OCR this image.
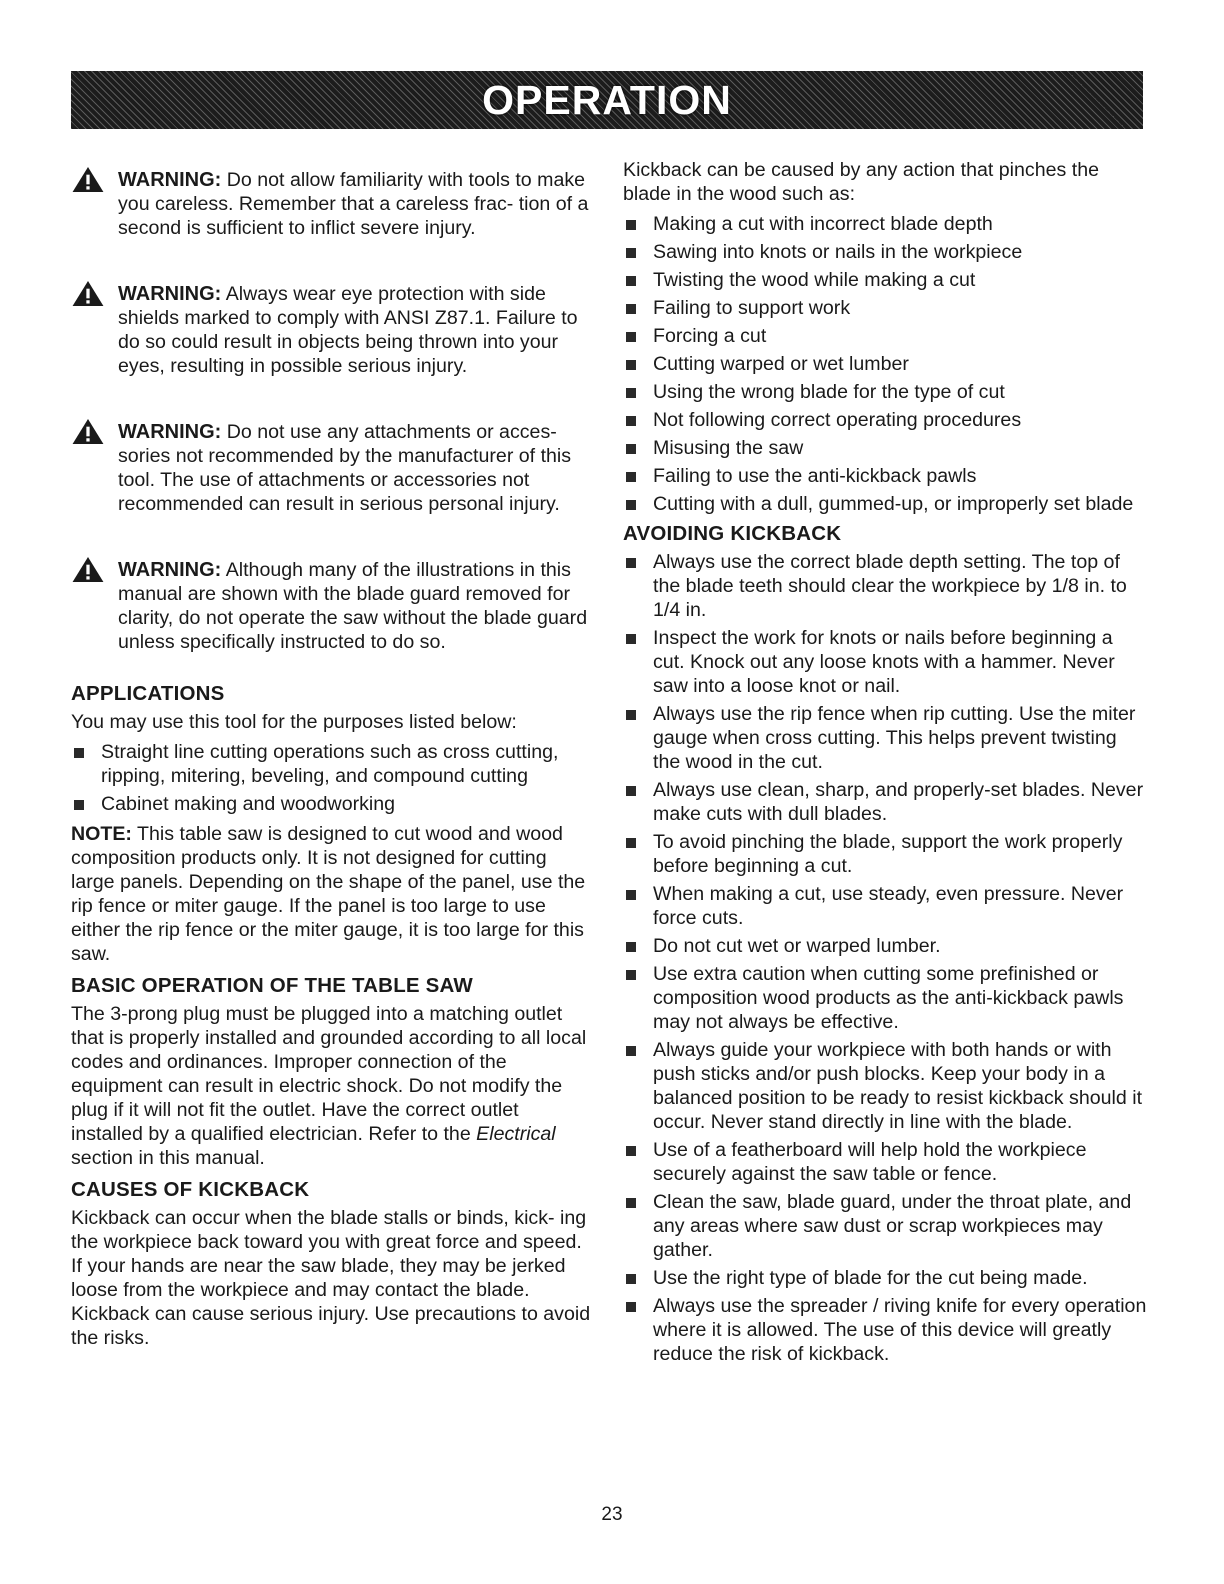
OPERATION
WARNING: Do not allow familiarity with tools to make you careless. Remember that a careless frac- tion of a second is sufficient to inflict severe injury.
WARNING: Always wear eye protection with side shields marked to comply with ANSI Z87.1. Failure to do so could result in objects being thrown into your eyes, resulting in possible serious injury.
WARNING: Do not use any attachments or acces- sories not recommended by the manufacturer of this tool. The use of attachments or accessories not recommended can result in serious personal injury.
WARNING: Although many of the illustrations in this manual are shown with the blade guard removed for clarity, do not operate the saw without the blade guard unless specifically instructed to do so.
APPLICATIONS

You may use this tool for the purposes listed below:

Straight line cutting operations such as cross cutting, ripping, mitering, beveling, and compound cutting
Cabinet making and woodworking

NOTE: This table saw is designed to cut wood and wood composition products only. It is not designed for cutting large panels. Depending on the shape of the panel, use the rip fence or miter gauge. If the panel is too large to use either the rip fence or the miter gauge, it is too large for this saw.

BASIC OPERATION OF THE TABLE SAW

The 3-prong plug must be plugged into a matching outlet that is properly installed and grounded according to all local codes and ordinances. Improper connection of the equipment can result in electric shock. Do not modify the plug if it will not fit the outlet. Have the correct outlet installed by a qualified electrician. Refer to the Electrical section in this manual.

CAUSES OF KICKBACK

Kickback can occur when the blade stalls or binds, kick- ing the workpiece back toward you with great force and speed. If your hands are near the saw blade, they may be jerked loose from the workpiece and may contact the blade. Kickback can cause serious injury. Use precautions to avoid the risks.

Kickback can be caused by any action that pinches the blade in the wood such as:

Making a cut with incorrect blade depth
Sawing into knots or nails in the workpiece
Twisting the wood while making a cut
Failing to support work
Forcing a cut
Cutting warped or wet lumber
Using the wrong blade for the type of cut
Not following correct operating procedures
Misusing the saw
Failing to use the anti-kickback pawls
Cutting with a dull, gummed-up, or improperly set blade
AVOIDING KICKBACK
Always use the correct blade depth setting. The top of the blade teeth should clear the workpiece by 1/8 in. to 1/4 in.
Inspect the work for knots or nails before beginning a cut. Knock out any loose knots with a hammer. Never saw into a loose knot or nail.
Always use the rip fence when rip cutting. Use the miter gauge when cross cutting. This helps prevent twisting the wood in the cut.
Always use clean, sharp, and properly-set blades. Never make cuts with dull blades.
To avoid pinching the blade, support the work properly before beginning a cut.
When making a cut, use steady, even pressure. Never force cuts.
Do not cut wet or warped lumber.
Use extra caution when cutting some prefinished or composition wood products as the anti-kickback pawls may not always be effective.
Always guide your workpiece with both hands or with push sticks and/or push blocks. Keep your body in a balanced position to be ready to resist kickback should it occur. Never stand directly in line with the blade.
Use of a featherboard will help hold the workpiece securely against the saw table or fence.
Clean the saw, blade guard, under the throat plate, and any areas where saw dust or scrap workpieces may gather.
Use the right type of blade for the cut being made.
Always use the spreader / riving knife for every operation where it is allowed. The use of this device will greatly reduce the risk of kickback.
23
